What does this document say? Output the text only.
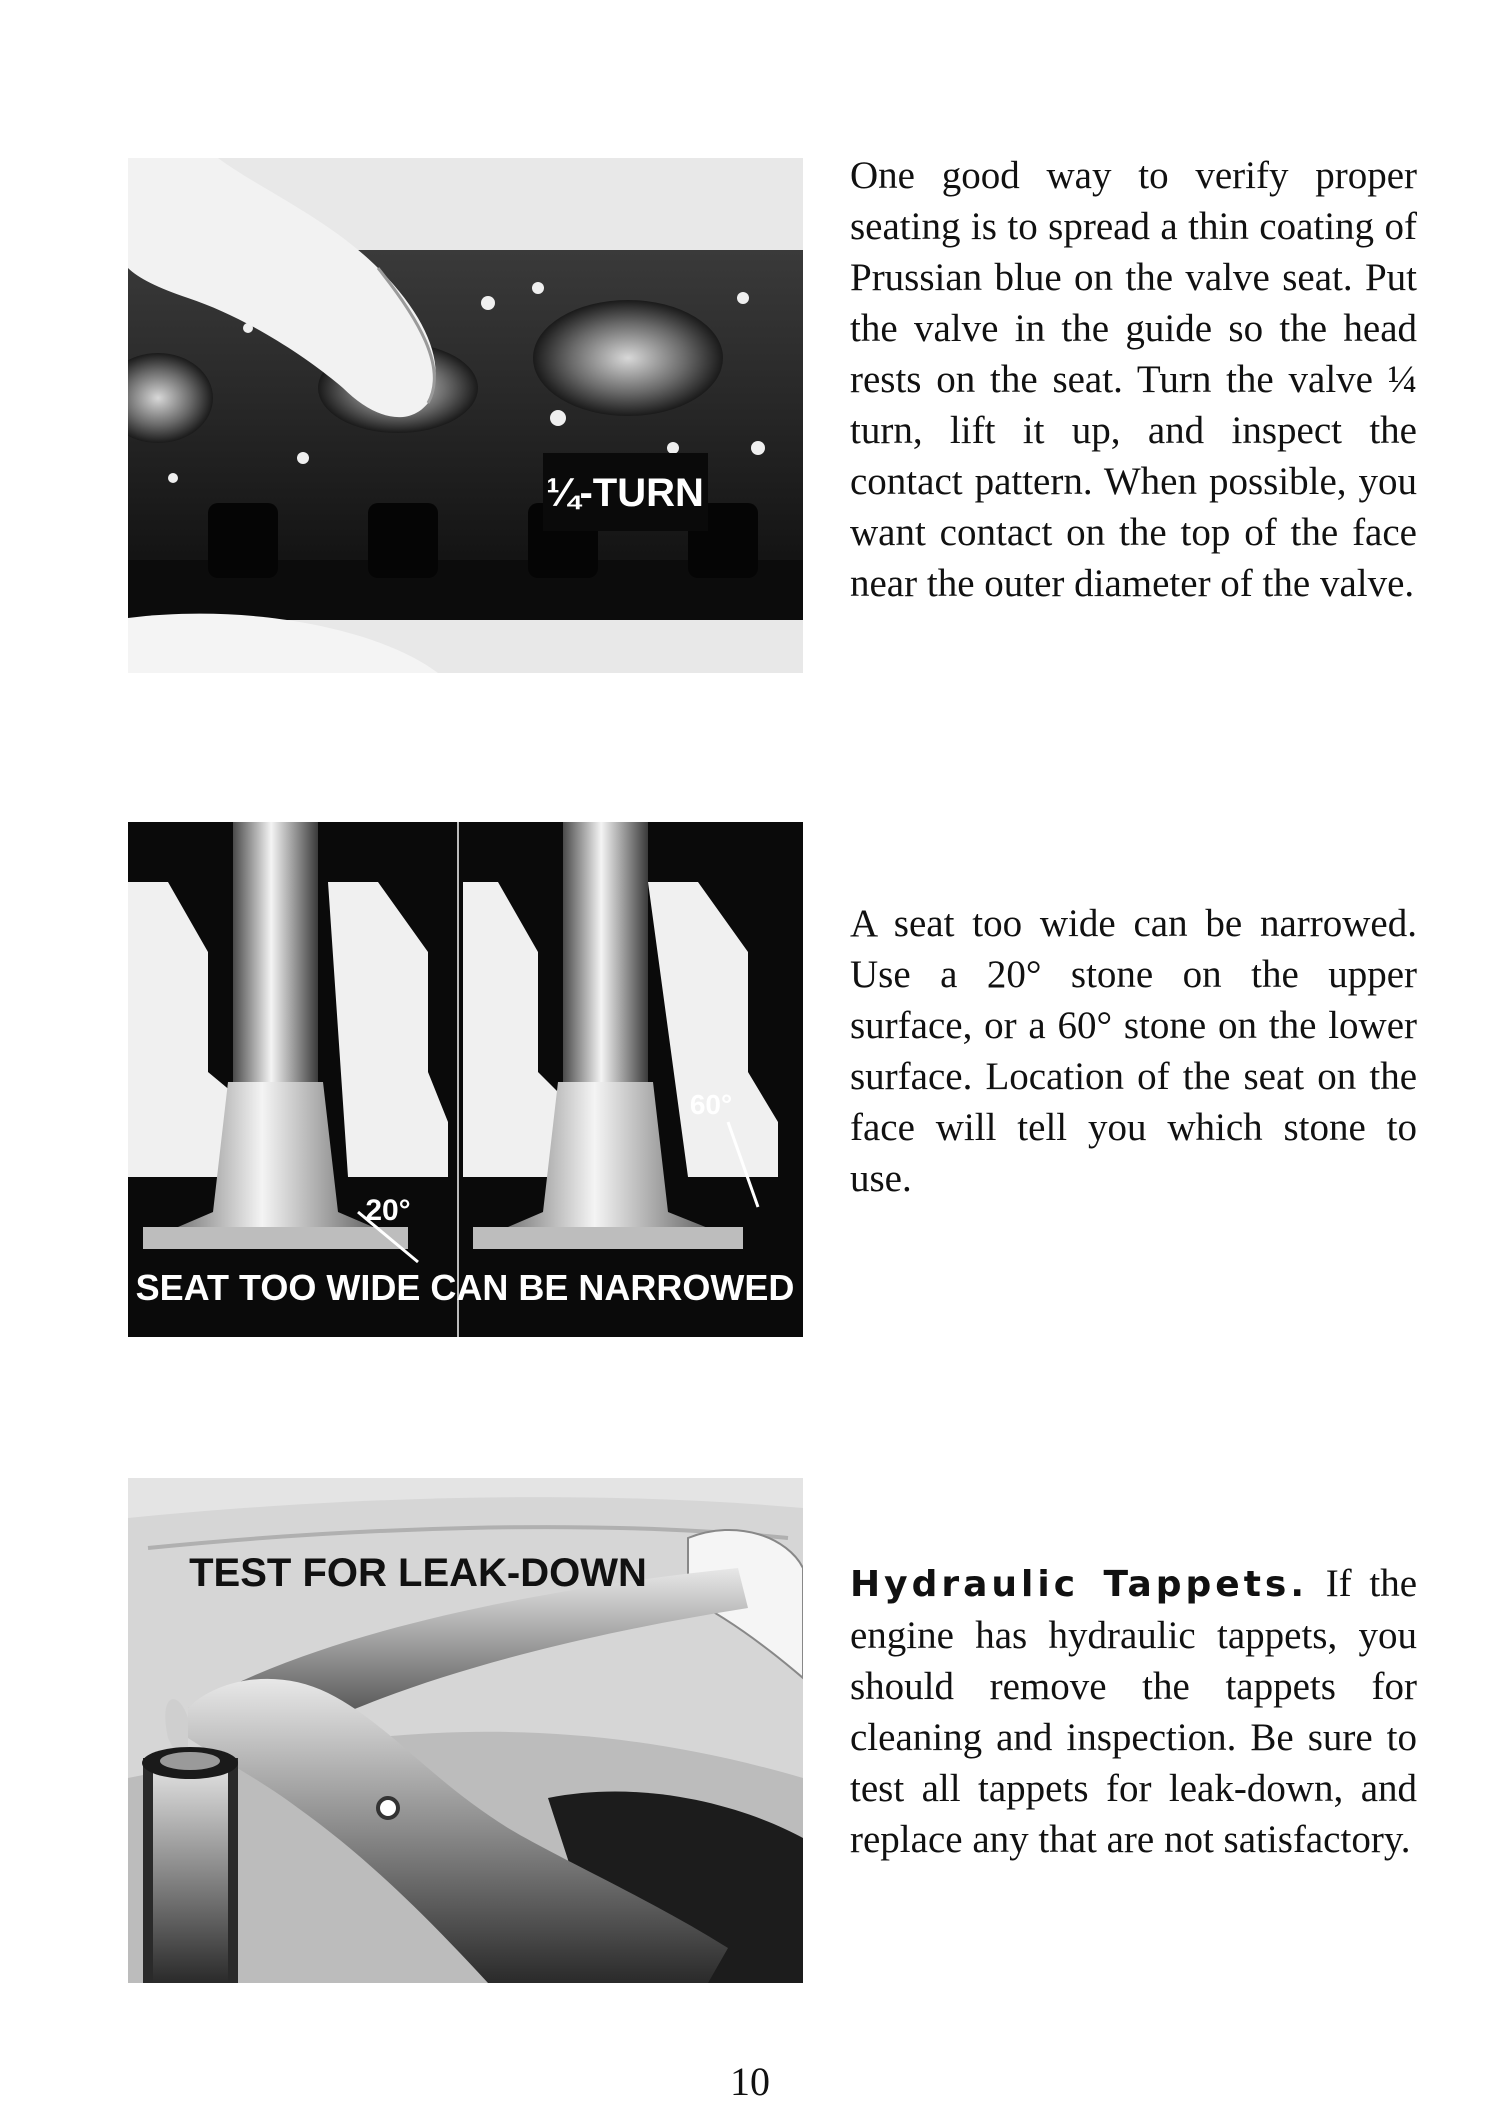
¼-TURN

One good way to verify proper seating is to spread a thin coating of Prussian blue on the valve seat. Put the valve in the guide so the head rests on the seat. Turn the valve ¼ turn, lift it up, and inspect the contact pattern. When possible, you want contact on the top of the face near the outer diameter of the valve.

20°
60°
SEAT TOO WIDE CAN BE NARROWED

A seat too wide can be narrowed. Use a 20° stone on the upper surface, or a 60° stone on the lower surface. Location of the seat on the face will tell you which stone to use.

TEST FOR LEAK-DOWN	Hydraulic Tappets. If the engine has hydraulic tappets, you should remove the tappets for cleaning and inspection. Be sure to test all tappets for leak-down, and replace any that are not satisfactory.

10
